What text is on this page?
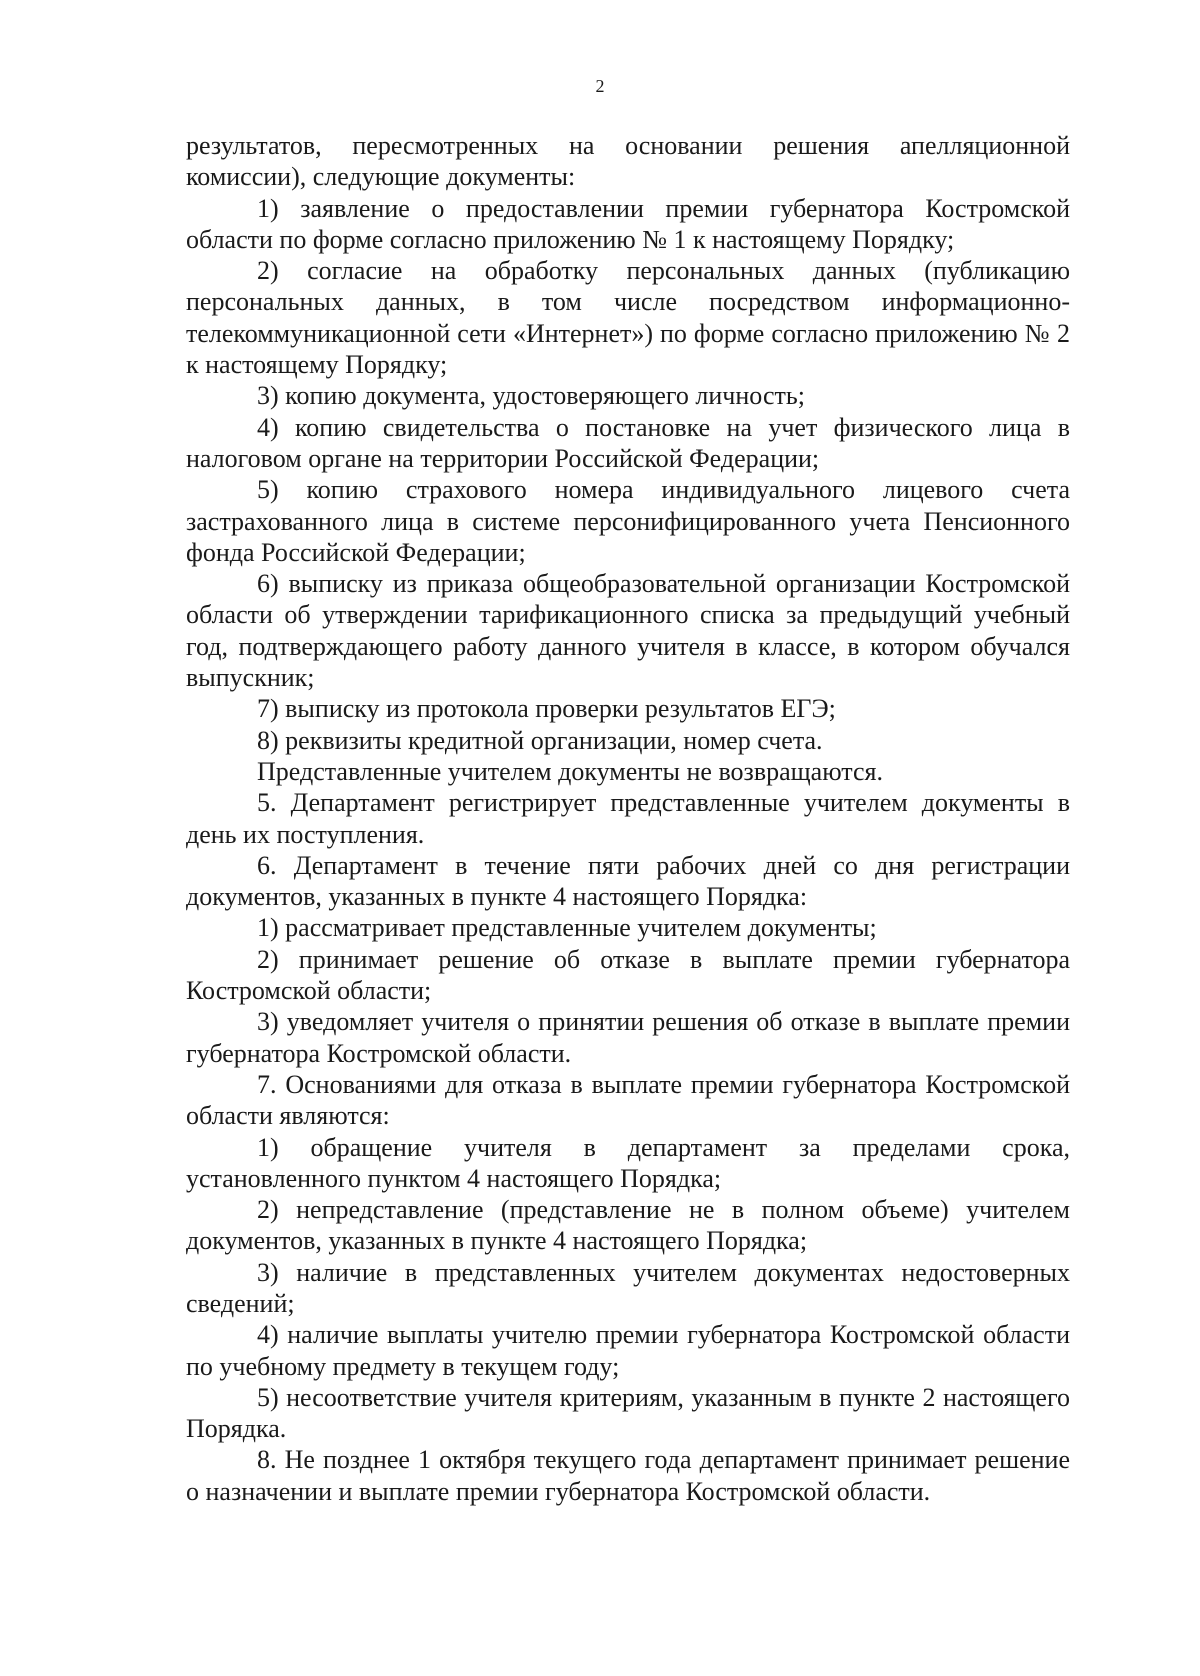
2

результатов, пересмотренных на основании решения апелляционной комиссии), следующие документы:

1) заявление о предоставлении премии губернатора Костромской области по форме согласно приложению № 1 к настоящему Порядку;

2) согласие на обработку персональных данных (публикацию персональных данных, в том числе посредством информационно-телекоммуникационной сети «Интернет») по форме согласно приложению № 2 к настоящему Порядку;

3) копию документа, удостоверяющего личность;

4) копию свидетельства о постановке на учет физического лица в налоговом органе на территории Российской Федерации;

5) копию страхового номера индивидуального лицевого счета застрахованного лица в системе персонифицированного учета Пенсионного фонда Российской Федерации;

6) выписку из приказа общеобразовательной организации Костромской области об утверждении тарификационного списка за предыдущий учебный год, подтверждающего работу данного учителя в классе, в котором обучался выпускник;

7) выписку из протокола проверки результатов ЕГЭ;

8) реквизиты кредитной организации, номер счета.

Представленные учителем документы не возвращаются.

5. Департамент регистрирует представленные учителем документы в день их поступления.

6. Департамент в течение пяти рабочих дней со дня регистрации документов, указанных в пункте 4 настоящего Порядка:

1) рассматривает представленные учителем документы;

2) принимает решение об отказе в выплате премии губернатора Костромской области;

3) уведомляет учителя о принятии решения об отказе в выплате премии губернатора Костромской области.

7. Основаниями для отказа в выплате премии губернатора Костромской области являются:

1) обращение учителя в департамент за пределами срока, установленного пунктом 4 настоящего Порядка;

2) непредставление (представление не в полном объеме) учителем документов, указанных в пункте 4 настоящего Порядка;

3) наличие в представленных учителем документах недостоверных сведений;

4) наличие выплаты учителю премии губернатора Костромской области по учебному предмету в текущем году;

5) несоответствие учителя критериям, указанным в пункте 2 настоящего Порядка.

8. Не позднее 1 октября текущего года департамент принимает решение о назначении и выплате премии губернатора Костромской области.
